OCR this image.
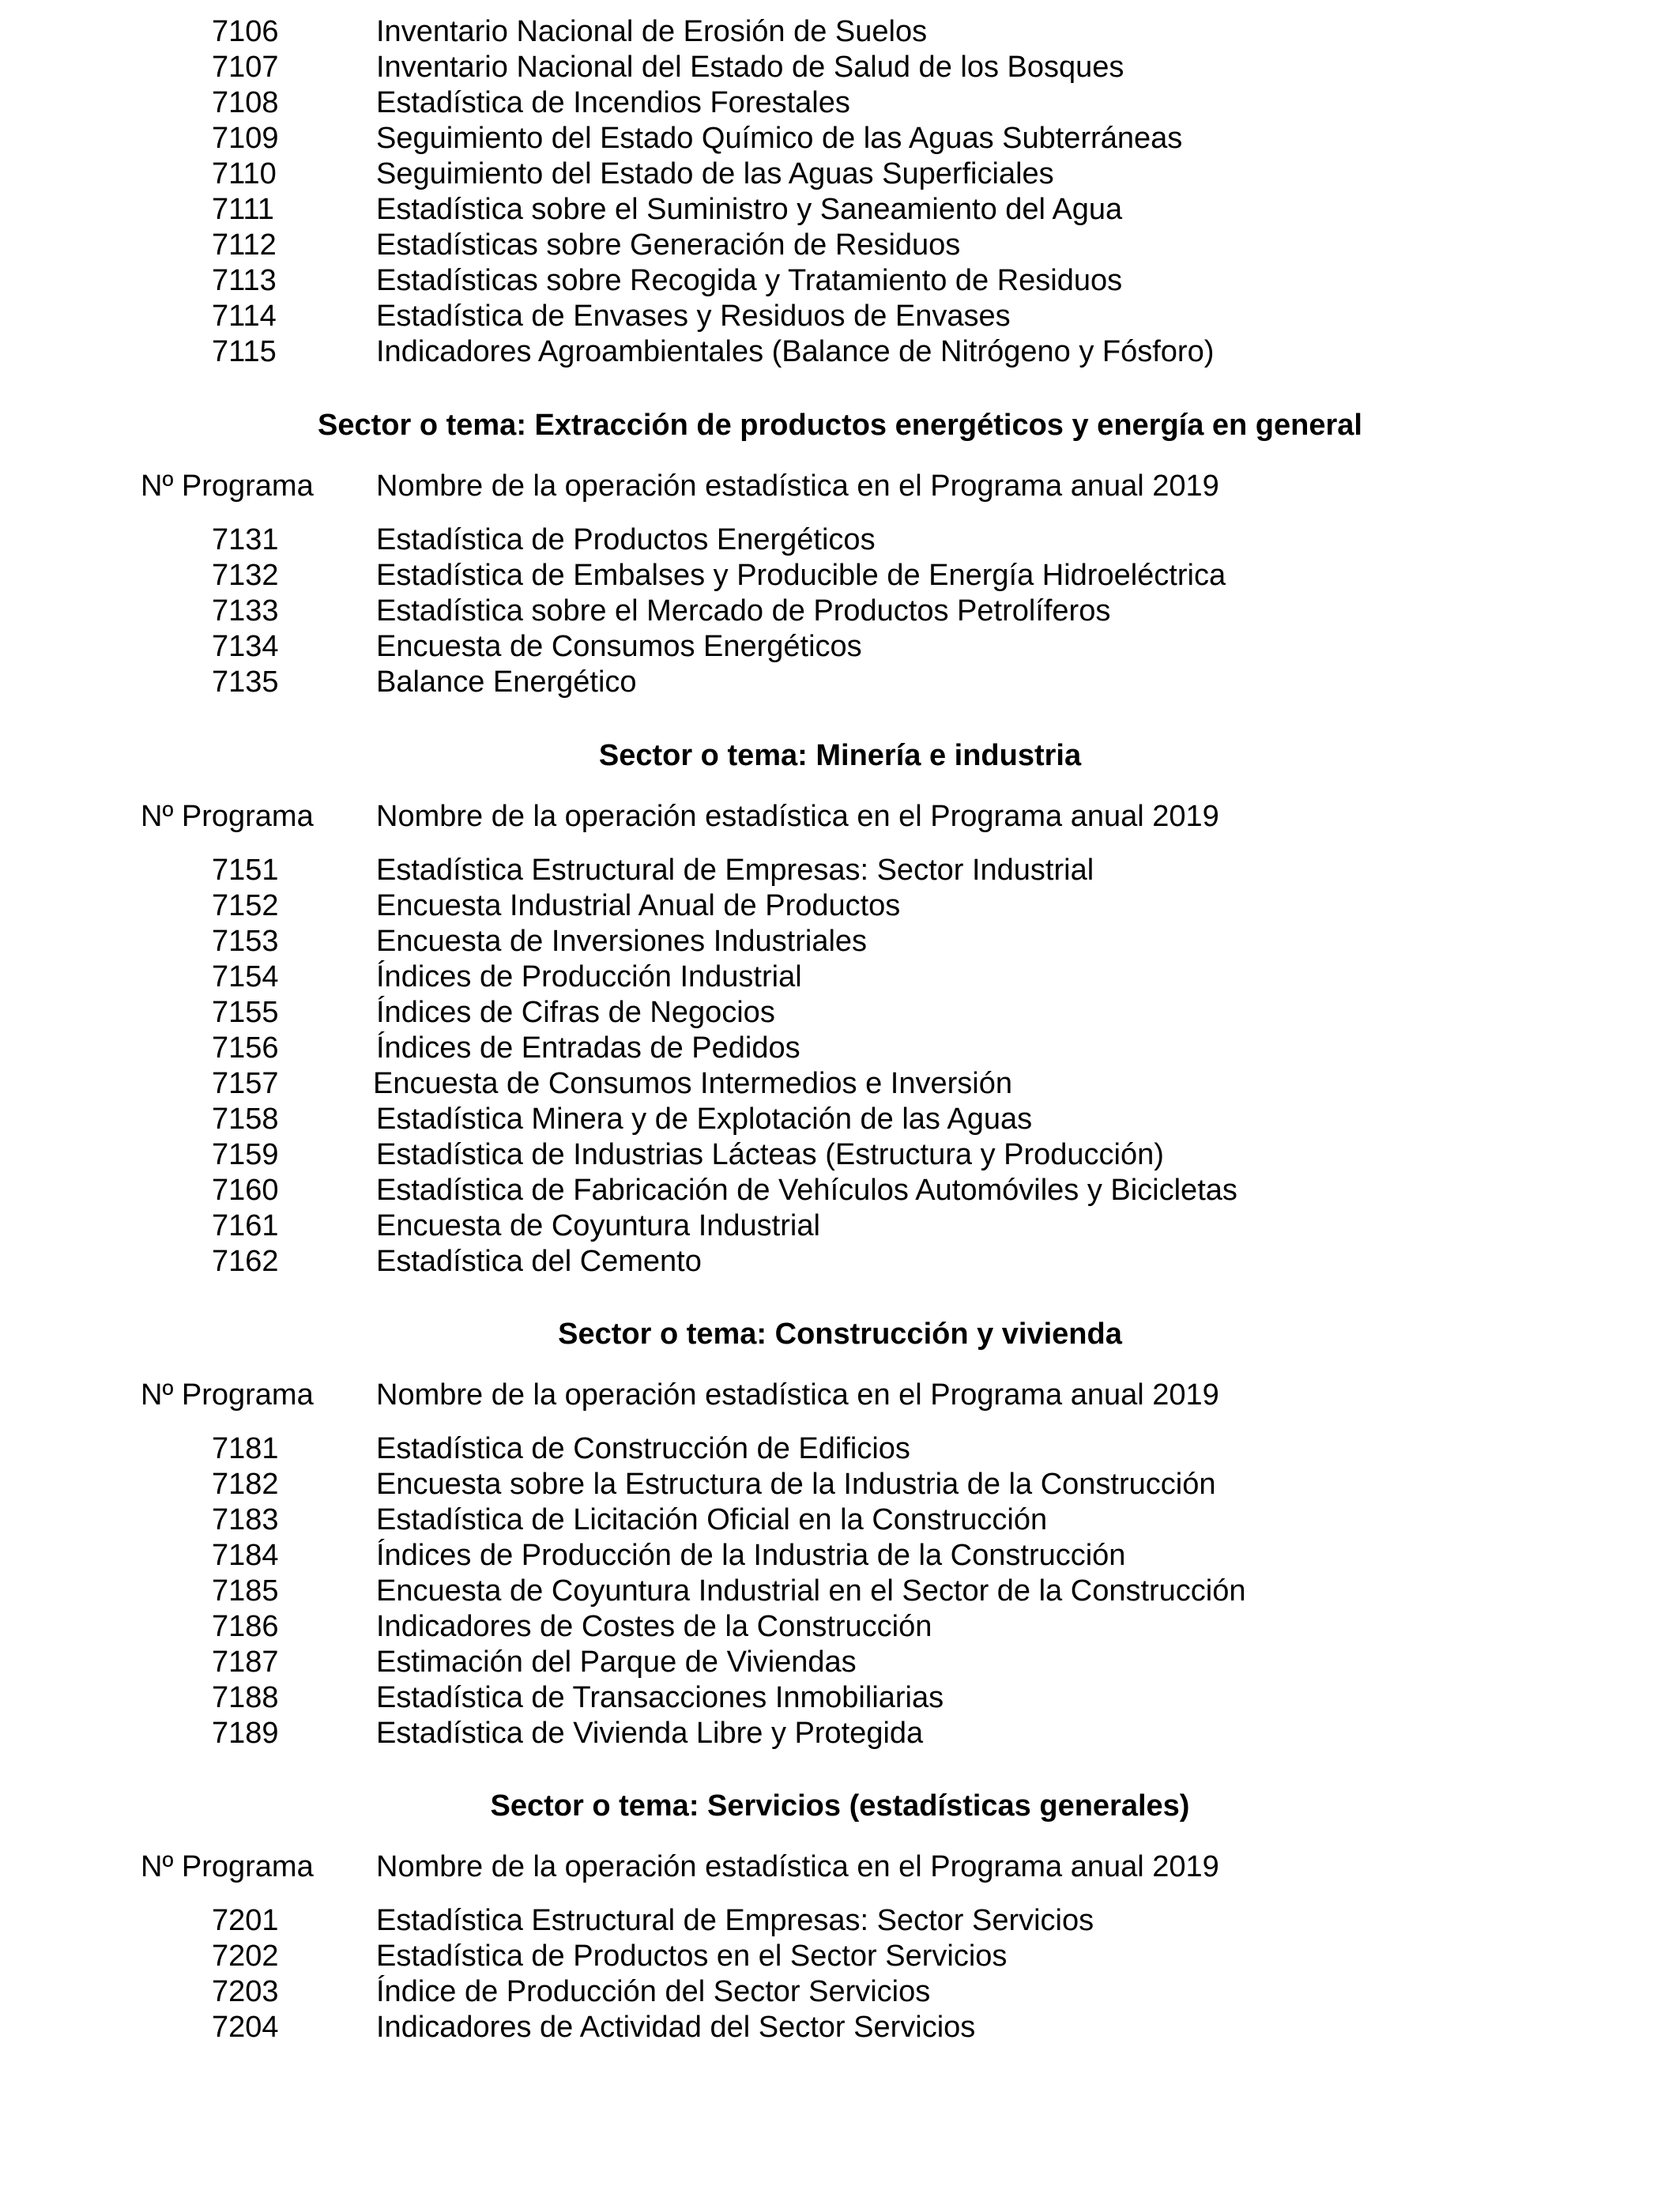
7106	Inventario Nacional de Erosión de Suelos
7107	Inventario Nacional del Estado de Salud de los Bosques
7108	Estadística de Incendios Forestales
7109	Seguimiento del Estado Químico de las Aguas Subterráneas
7110	Seguimiento del Estado de las Aguas Superficiales
7111	Estadística sobre el Suministro y Saneamiento del Agua
7112	Estadísticas sobre Generación de Residuos
7113	Estadísticas sobre Recogida y Tratamiento de Residuos
7114	Estadística de Envases y Residuos de Envases
7115	Indicadores Agroambientales (Balance de Nitrógeno y Fósforo)
Sector o tema: Extracción de productos energéticos y energía en general
Nº Programa Nombre de la operación estadística en el Programa anual 2019
7131	Estadística de Productos Energéticos
7132	Estadística de Embalses y Producible de Energía Hidroeléctrica
7133	Estadística sobre el Mercado de Productos Petrolíferos
7134	Encuesta de Consumos Energéticos
7135	Balance Energético
Sector o tema: Minería e industria
Nº Programa Nombre de la operación estadística en el Programa anual 2019
7151	Estadística Estructural de Empresas: Sector Industrial
7152	Encuesta Industrial Anual de Productos
7153	Encuesta de Inversiones Industriales
7154	Índices de Producción Industrial
7155	Índices de Cifras de Negocios
7156	Índices de Entradas de Pedidos
7157	Encuesta de Consumos Intermedios e Inversión
7158	Estadística Minera y de Explotación de las Aguas
7159	Estadística de Industrias Lácteas (Estructura y Producción)
7160	Estadística de Fabricación de Vehículos Automóviles y Bicicletas
7161	Encuesta de Coyuntura Industrial
7162	Estadística del Cemento
Sector o tema: Construcción y vivienda
Nº Programa Nombre de la operación estadística en el Programa anual 2019
7181	Estadística de Construcción de Edificios
7182	Encuesta sobre la Estructura de la Industria de la Construcción
7183	Estadística de Licitación Oficial en la Construcción
7184	Índices de Producción de la Industria de la Construcción
7185	Encuesta de Coyuntura Industrial en el Sector de la Construcción
7186	Indicadores de Costes de la Construcción
7187	Estimación del Parque de Viviendas
7188	Estadística de Transacciones Inmobiliarias
7189	Estadística de Vivienda Libre y Protegida
Sector o tema: Servicios (estadísticas generales)
Nº Programa Nombre de la operación estadística en el Programa anual 2019
7201	Estadística Estructural de Empresas: Sector Servicios
7202	Estadística de Productos en el Sector Servicios
7203	Índice de Producción del Sector Servicios
7204	Indicadores de Actividad del Sector Servicios
